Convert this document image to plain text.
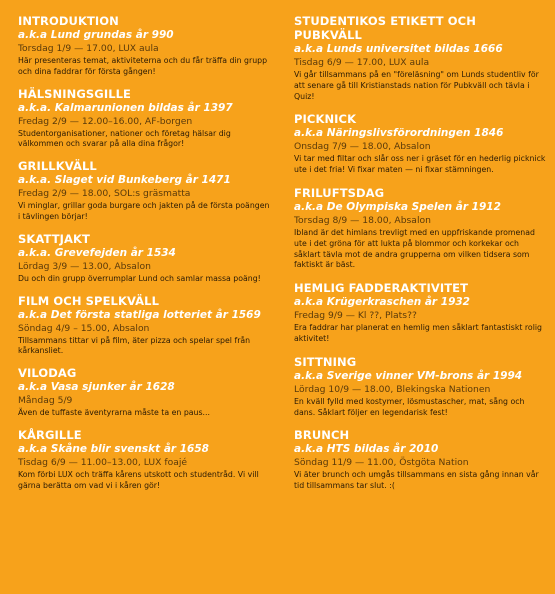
INTRODUKTION
a.k.a Lund grundas år 990
Torsdag 1/9 — 17.00, LUX aula
Här presenteras temat, aktiviteterna och du får träffa din grupp och dina faddrar för första gången!
HÄLSNINGSGILLE
a.k.a. Kalmarunionen bildas år 1397
Fredag 2/9 — 12.00–16.00, AF-borgen
Studentorganisationer, nationer och företag hälsar dig välkommen och svarar på alla dina frågor!
GRILLKVÄLL
a.k.a. Slaget vid Bunkeberg år 1471
Fredag 2/9 — 18.00, SOL:s gräsmatta
Vi minglar, grillar goda burgare och jakten på de första poängen i tävlingen börjar!
SKATTJAKT
a.k.a. Grevefejden år 1534
Lördag 3/9 — 13.00, Absalon
Du och din grupp överrumplar Lund och samlar massa poäng!
FILM OCH SPELKVÄLL
a.k.a Det första statliga lotteriet år 1569
Söndag 4/9 – 15.00, Absalon
Tillsammans tittar vi på film, äter pizza och spelar spel från kårkansliet.
VILODAG
a.k.a Vasa sjunker år 1628
Måndag 5/9
Även de tuffaste äventyrarna måste ta en paus...
KÅRGILLE
a.k.a Skåne blir svenskt år 1658
Tisdag 6/9 — 11.00–13.00, LUX foajé
Kom förbi LUX och träffa kårens utskott och studentråd. Vi vill gärna berätta om vad vi i kåren gör!
STUDENTIKOS ETIKETT OCH PUBKVÄLL
a.k.a Lunds universitet bildas 1666
Tisdag 6/9 — 17.00, LUX aula
Vi går tillsammans på en "föreläsning" om Lunds studentliv för att senare gå till Kristianstads nation för Pubkväll och tävla i Quiz!
PICKNICK
a.k.a Näringslivsförordningen 1846
Onsdag 7/9 — 18.00, Absalon
Vi tar med filtar och slår oss ner i gräset för en hederlig picknick ute i det fria! Vi fixar maten — ni fixar stämningen.
FRILUFTSDAG
a.k.a De Olympiska Spelen år 1912
Torsdag 8/9 — 18.00, Absalon
Ibland är det himlans trevligt med en uppfriskande promenad ute i det gröna för att lukta på blommor och korkekar och såklart tävla mot de andra grupperna om vilken tidsera som faktiskt är bäst.
HEMLIG FADDERAKTIVITET
a.k.a Krügerkraschen år 1932
Fredag 9/9 — Kl ??, Plats??
Era faddrar har planerat en hemlig men såklart fantastiskt rolig aktivitet!
SITTNING
a.k.a Sverige vinner VM-brons år 1994
Lördag 10/9 — 18.00, Blekingska Nationen
En kväll fylld med kostymer, lösmustascher, mat, sång och dans. Såklart följer en legendarisk fest!
BRUNCH
a.k.a HTS bildas år 2010
Söndag 11/9 — 11.00, Östgöta Nation
Vi äter brunch och umgås tillsammans en sista gång innan vår tid tillsammans tar slut. :(
